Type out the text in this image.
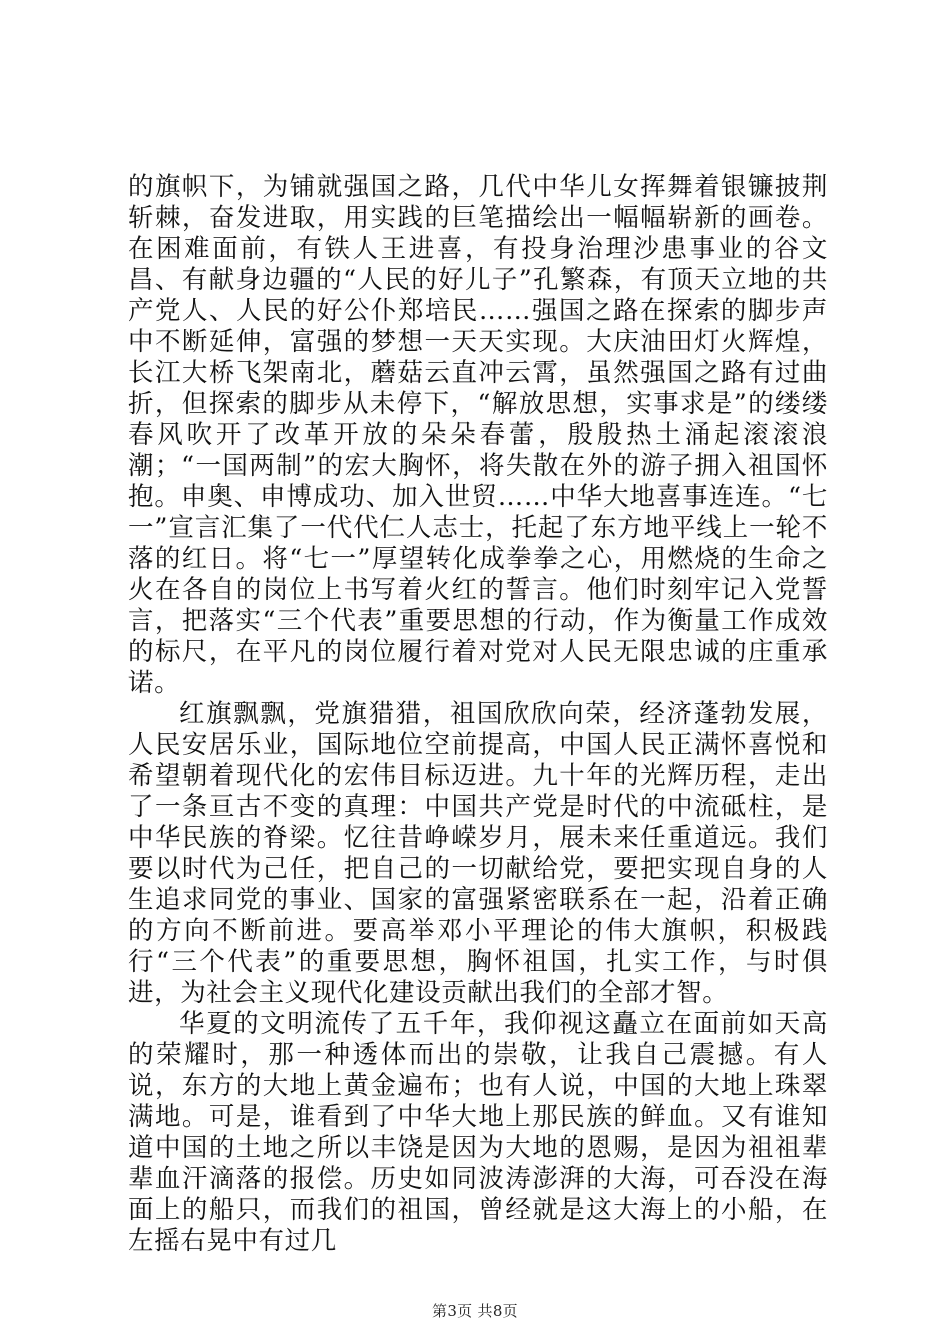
的旗帜下，为铺就强国之路，几代中华儿女挥舞着银镰披荆斩棘，奋发进取，用实践的巨笔描绘出一幅幅崭新的画卷。在困难面前，有铁人王进喜，有投身治理沙患事业的谷文昌、有献身边疆的“人民的好儿子”孔繁森，有顶天立地的共产党人、人民的好公仆郑培民……强国之路在探索的脚步声中不断延伸，富强的梦想一天天实现。大庆油田灯火辉煌，长江大桥飞架南北，蘑菇云直冲云霄，虽然强国之路有过曲折，但探索的脚步从未停下，“解放思想，实事求是”的缕缕春风吹开了改革开放的朵朵春蕾，殷殷热土涌起滚滚浪潮；“一国两制”的宏大胸怀，将失散在外的游子拥入祖国怀抱。申奥、申博成功、加入世贸……中华大地喜事连连。“七一”宣言汇集了一代代仁人志士，托起了东方地平线上一轮不落的红日。将“七一”厚望转化成拳拳之心，用燃烧的生命之火在各自的岗位上书写着火红的誓言。他们时刻牢记入党誓言，把落实“三个代表”重要思想的行动，作为衡量工作成效的标尺，在平凡的岗位履行着对党对人民无限忠诚的庄重承诺。

红旗飘飘，党旗猎猎，祖国欣欣向荣，经济蓬勃发展，人民安居乐业，国际地位空前提高，中国人民正满怀喜悦和希望朝着现代化的宏伟目标迈进。九十年的光辉历程，走出了一条亘古不变的真理：中国共产党是时代的中流砥柱，是中华民族的脊梁。忆往昔峥嵘岁月，展未来任重道远。我们要以时代为己任，把自己的一切献给党，要把实现自身的人生追求同党的事业、国家的富强紧密联系在一起，沿着正确的方向不断前进。要高举邓小平理论的伟大旗帜，积极践行“三个代表”的重要思想，胸怀祖国，扎实工作，与时俱进，为社会主义现代化建设贡献出我们的全部才智。

华夏的文明流传了五千年，我仰视这矗立在面前如天高的荣耀时，那一种透体而出的崇敬，让我自己震撼。有人说，东方的大地上黄金遍布；也有人说，中国的大地上珠翠满地。可是，谁看到了中华大地上那民族的鲜血。又有谁知道中国的土地之所以丰饶是因为大地的恩赐，是因为祖祖辈辈血汗滴落的报偿。历史如同波涛澎湃的大海，可吞没在海面上的船只，而我们的祖国，曾经就是这大海上的小船，在左摇右晃中有过几

第3页 共8页
